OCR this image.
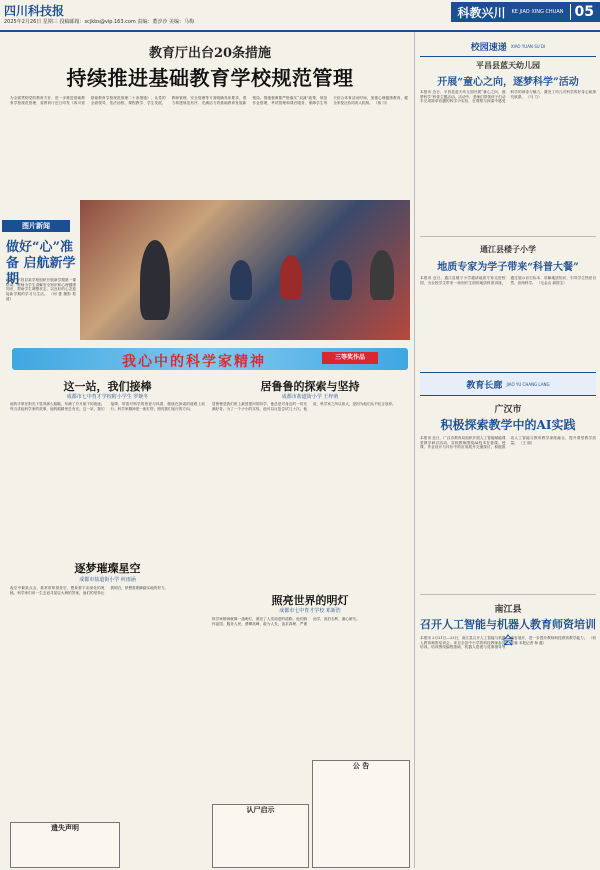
四川科技报
2025年2月26日 星期三 投稿邮箱：scjkbs@vip.163.com 责编：董汐沙 美编：马梅
科教兴川 KE JIAO XING CHUAN 05
教育厅出台20条措施
持续推进基础教育学校规范管理
为全面贯彻党的教育方针，进一步推进基础教育学校规范管理，省教育厅近日印发《四川省基础教育学校规范管理二十条措施》，从党的全面领导、依法治校、课程教学、学生发展、教师管理、安全管理等方面明确具体要求，着力构建规范有序、充满活力的基础教育发展新格局。措施强调要严格落实“双减”政策，规范作业管理、考试管理和课后服务，保障学生每天综合体育活动时间，加强心理健康教育，健全家校社协同育人机制。 （蒋 川）
图片新闻
做好“心”准备 启航新学期
近日，平昌县某学校组织开展新学期第一课活动，教师为学生讲解安全知识和心理健康知识，帮助学生调整状态、以良好的心态迎接新学期的学习与生活。 （何 蕾 摄影 报道）
我心中的科学家精神	三等奖作品
这一站，我们接棒
成都市七中育才学校附小学生 罗婉冬
他的手掌在阳光下显得那么粗糙，布满了岁月留下的痕迹。每当讲起科学家的故事，他的眼睛里总有光。这一站，我们接棒，带着对科学的热爱与执着，继续在探索的道路上前行。科学家精神是一座灯塔，照亮我们前行的方向。
居鲁鲁的探索与坚持
成都市盐道街小学 王梓萌
居鲁鲁是我们班上最爱提问的同学，他总是对身边的一切充满好奇。为了一个小小的实验，他可以反复尝试几十次。他说，科学家之所以伟大，是因为他们从不轻言放弃。
逐梦璀璨星空
成都市盐道街小学 何雨涵
夜空中繁星点点，我常常仰望星空，想象着宇宙深处的奥秘。科学家们用一生去追寻星辰大海的答案，他们的坚持让我明白，梦想需要脚踏实地的努力。
照亮世界的明灯
成都市七中育才学校 邓新浩
科学家精神就像一盏明灯，照亮了人类前进的道路。他们胸怀祖国、服务人民，勇攀高峰、敢为人先，追求真理、严谨治学，淡泊名利、潜心研究。
遗失声明
认尸启示
公 告
校园速递 XIAO YUAN SU DI
平昌县蓝天幼儿园
开展“童心之向，逐梦科学”活动
本报讯 近日，平昌县蓝天幼儿园开展“童心之向，逐梦科学”科普主题活动。活动中，老师们带领孩子们动手完成简单有趣的科学小实验，在观察与探索中感受科学的神奇与魅力，激发了幼儿对科学的好奇心和探究欲望。 （马 力）
通江县楼子小学
地质专家为学子带来“科普大餐”
本报讯 近日，通江县楼子小学邀请地质专家走进校园，为全校学生带来一场别开生面的地质科普讲座，通过展示岩石标本、讲解地质知识，引导学生热爱自然、崇尚科学。 （毛金山 翁国宝）
教育长廊 JIAO YU CHANG LANG
广汉市
积极探索教学中的AI实践
本报讯 近日，广汉市教育局组织开展人工智能赋能课堂教学研讨活动，各校教师围绕AI技术在备课、授课、作业设计与评价中的应用展开交流探讨，积极推动人工智能与教育教学深度融合，提升课堂教学质量。 （王 丽）
南江县
召开人工智能与机器人教育师资培训会
本报讯 2月21日—23日，南江县召开人工智能与机器人教育师资培训会，来自全县中小学的科技教师参加培训。培训围绕编程基础、机器人搭建与竞赛指导等内容展开，进一步提升教师科技教育教学能力。 （何星蓉 本报记者 杨 蕴）
